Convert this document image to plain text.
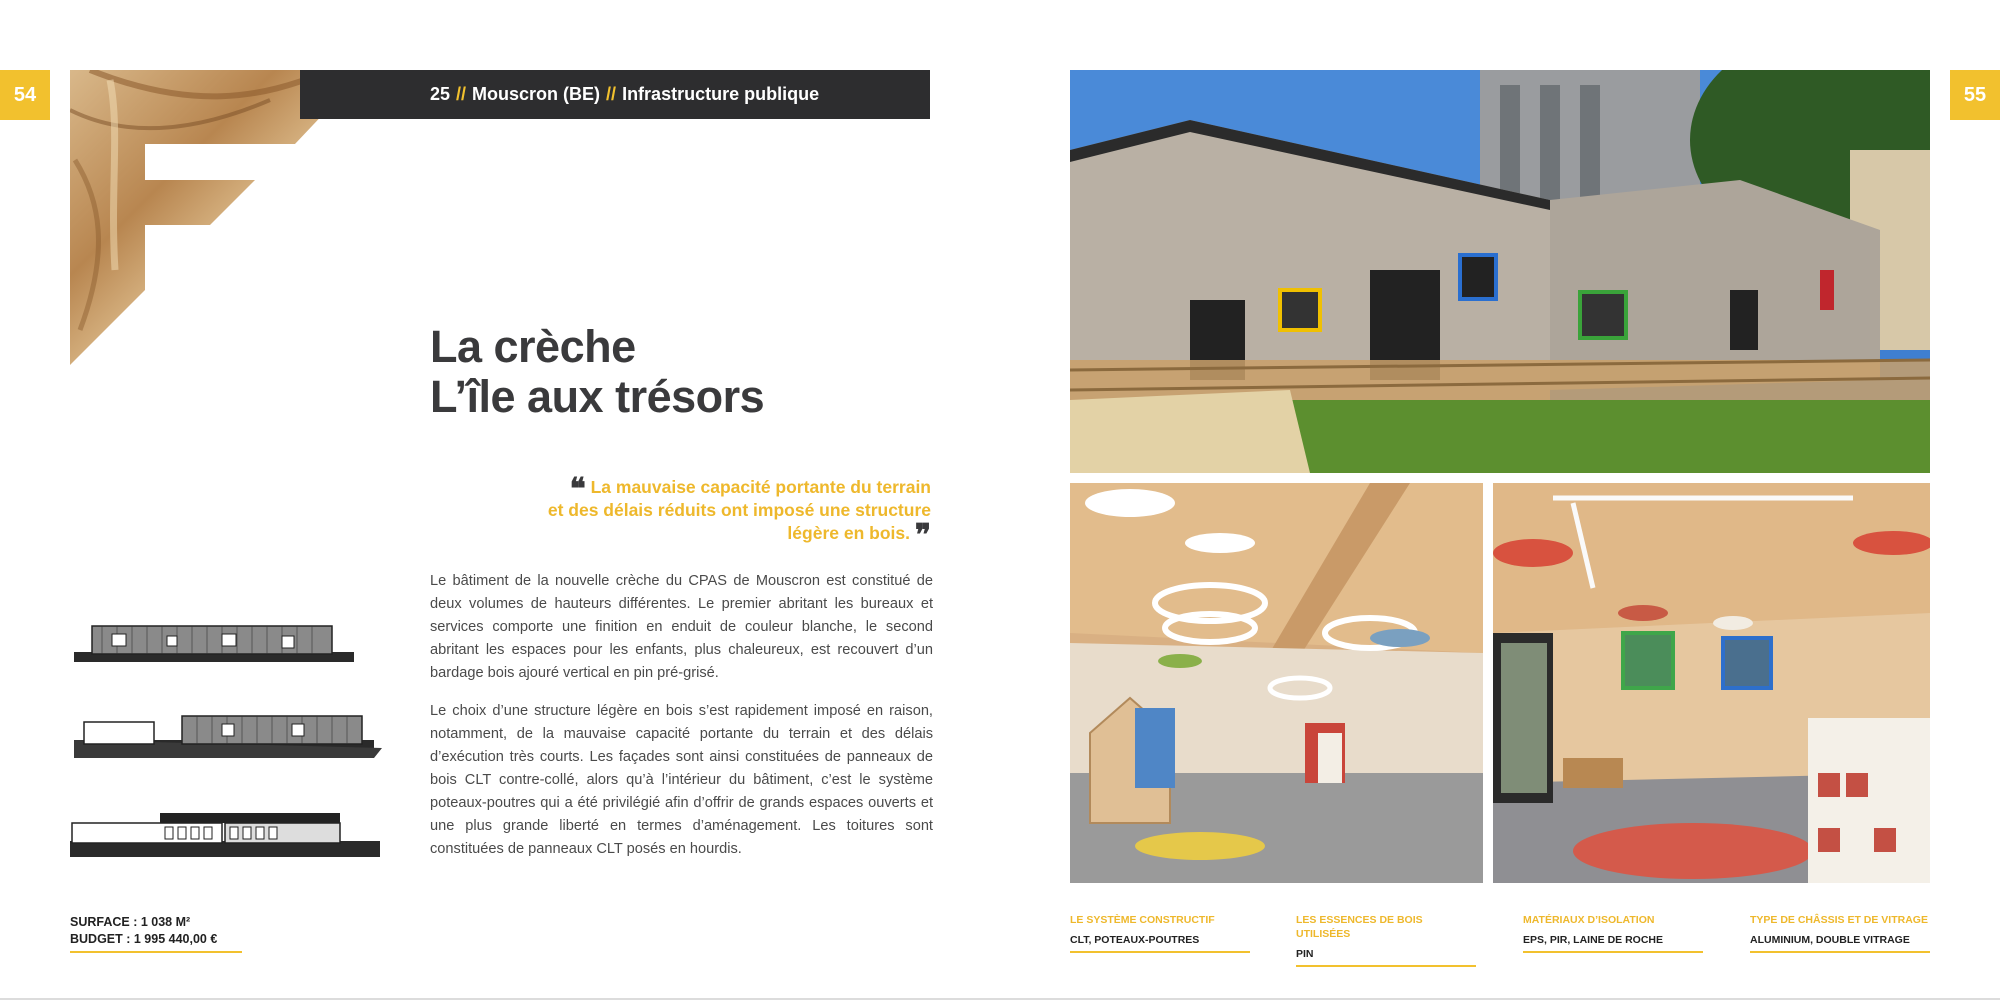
54	25 // Mouscron (BE) // Infrastructure publique
La crèche
L’île aux trésors
❝ La mauvaise capacité portante du terrain
et des délais réduits ont imposé une structure
légère en bois. ❞

Le bâtiment de la nouvelle crèche du CPAS de Mouscron est constitué de deux volumes de hauteurs différentes. Le premier abritant les bureaux et services comporte une finition en enduit de couleur blanche, le second abritant les espaces pour les enfants, plus chaleureux, est recouvert d’un bardage bois ajouré vertical en pin pré-grisé.

Le choix d’une structure légère en bois s’est rapidement imposé en raison, notamment, de la mauvaise capacité portante du terrain et des délais d’exécution très courts. Les façades sont ainsi constituées de panneaux de bois CLT contre-collé, alors qu’à l’intérieur du bâtiment, c’est le système poteaux-poutres qui a été privilégié afin d’offrir de grands espaces ouverts et une plus grande liberté en termes d’aménagement. Les toitures sont constituées de panneaux CLT posés en hourdis.

SURFACE : 1 038 M²
BUDGET : 1 995 440,00 €
55
LE SYSTÈME CONSTRUCTIF
CLT, POTEAUX-POUTRES
LES ESSENCES DE BOIS UTILISÉES
PIN
MATÉRIAUX D’ISOLATION
EPS, PIR, LAINE DE ROCHE
TYPE DE CHÂSSIS ET DE VITRAGE
ALUMINIUM, DOUBLE VITRAGE
